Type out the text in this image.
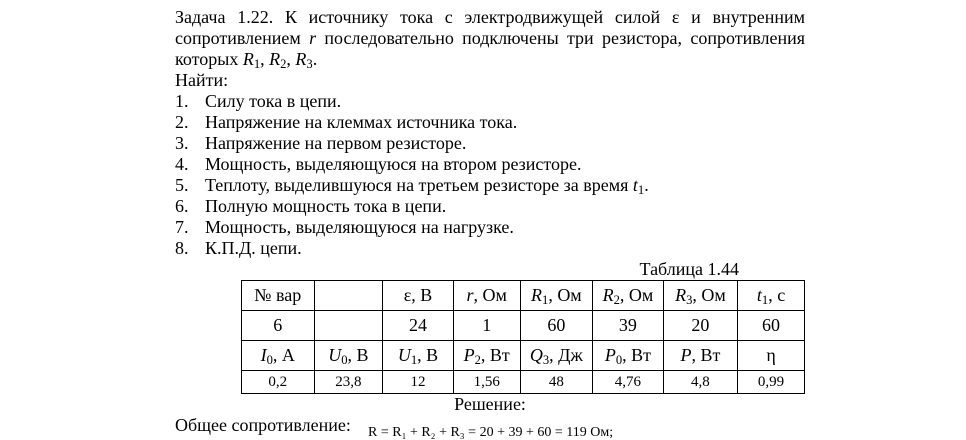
Задача 1.22. К источнику тока с электродвижущей силой ε и внутренним сопротивлением r последовательно подключены три резистора, сопротивления которых $R_1$, $R_2$, $R_3$.

Найти:

1. Силу тока в цепи.
2. Напряжение на клеммах источника тока.
3. Напряжение на первом резисторе.
4. Мощность, выделяющуюся на втором резисторе.
5. Теплоту, выделившуюся на третьем резисторе за время $t_1$.
6. Полную мощность тока в цепи.
7. Мощность, выделяющуюся на нагрузке.
8. К.П.Д. цепи.
Таблица 1.44
№ вар		ε, В	r, Ом	$R_1$, Ом	$R_2$, Ом	$R_3$, Ом	$t_1$, с
6		24	1	60	39	20	60
$I_0$, А	$U_0$, В	$U_1$, В	$P_2$, Вт	$Q_3$, Дж	$P_0$, Вт	P, Вт	η
0,2	23,8	12	1,56	48	4,76	4,8	0,99

Решение:

Общее сопротивление:	R = R₁ + R₂ + R₃ = 20 + 39 + 60 = 119 Ом;
